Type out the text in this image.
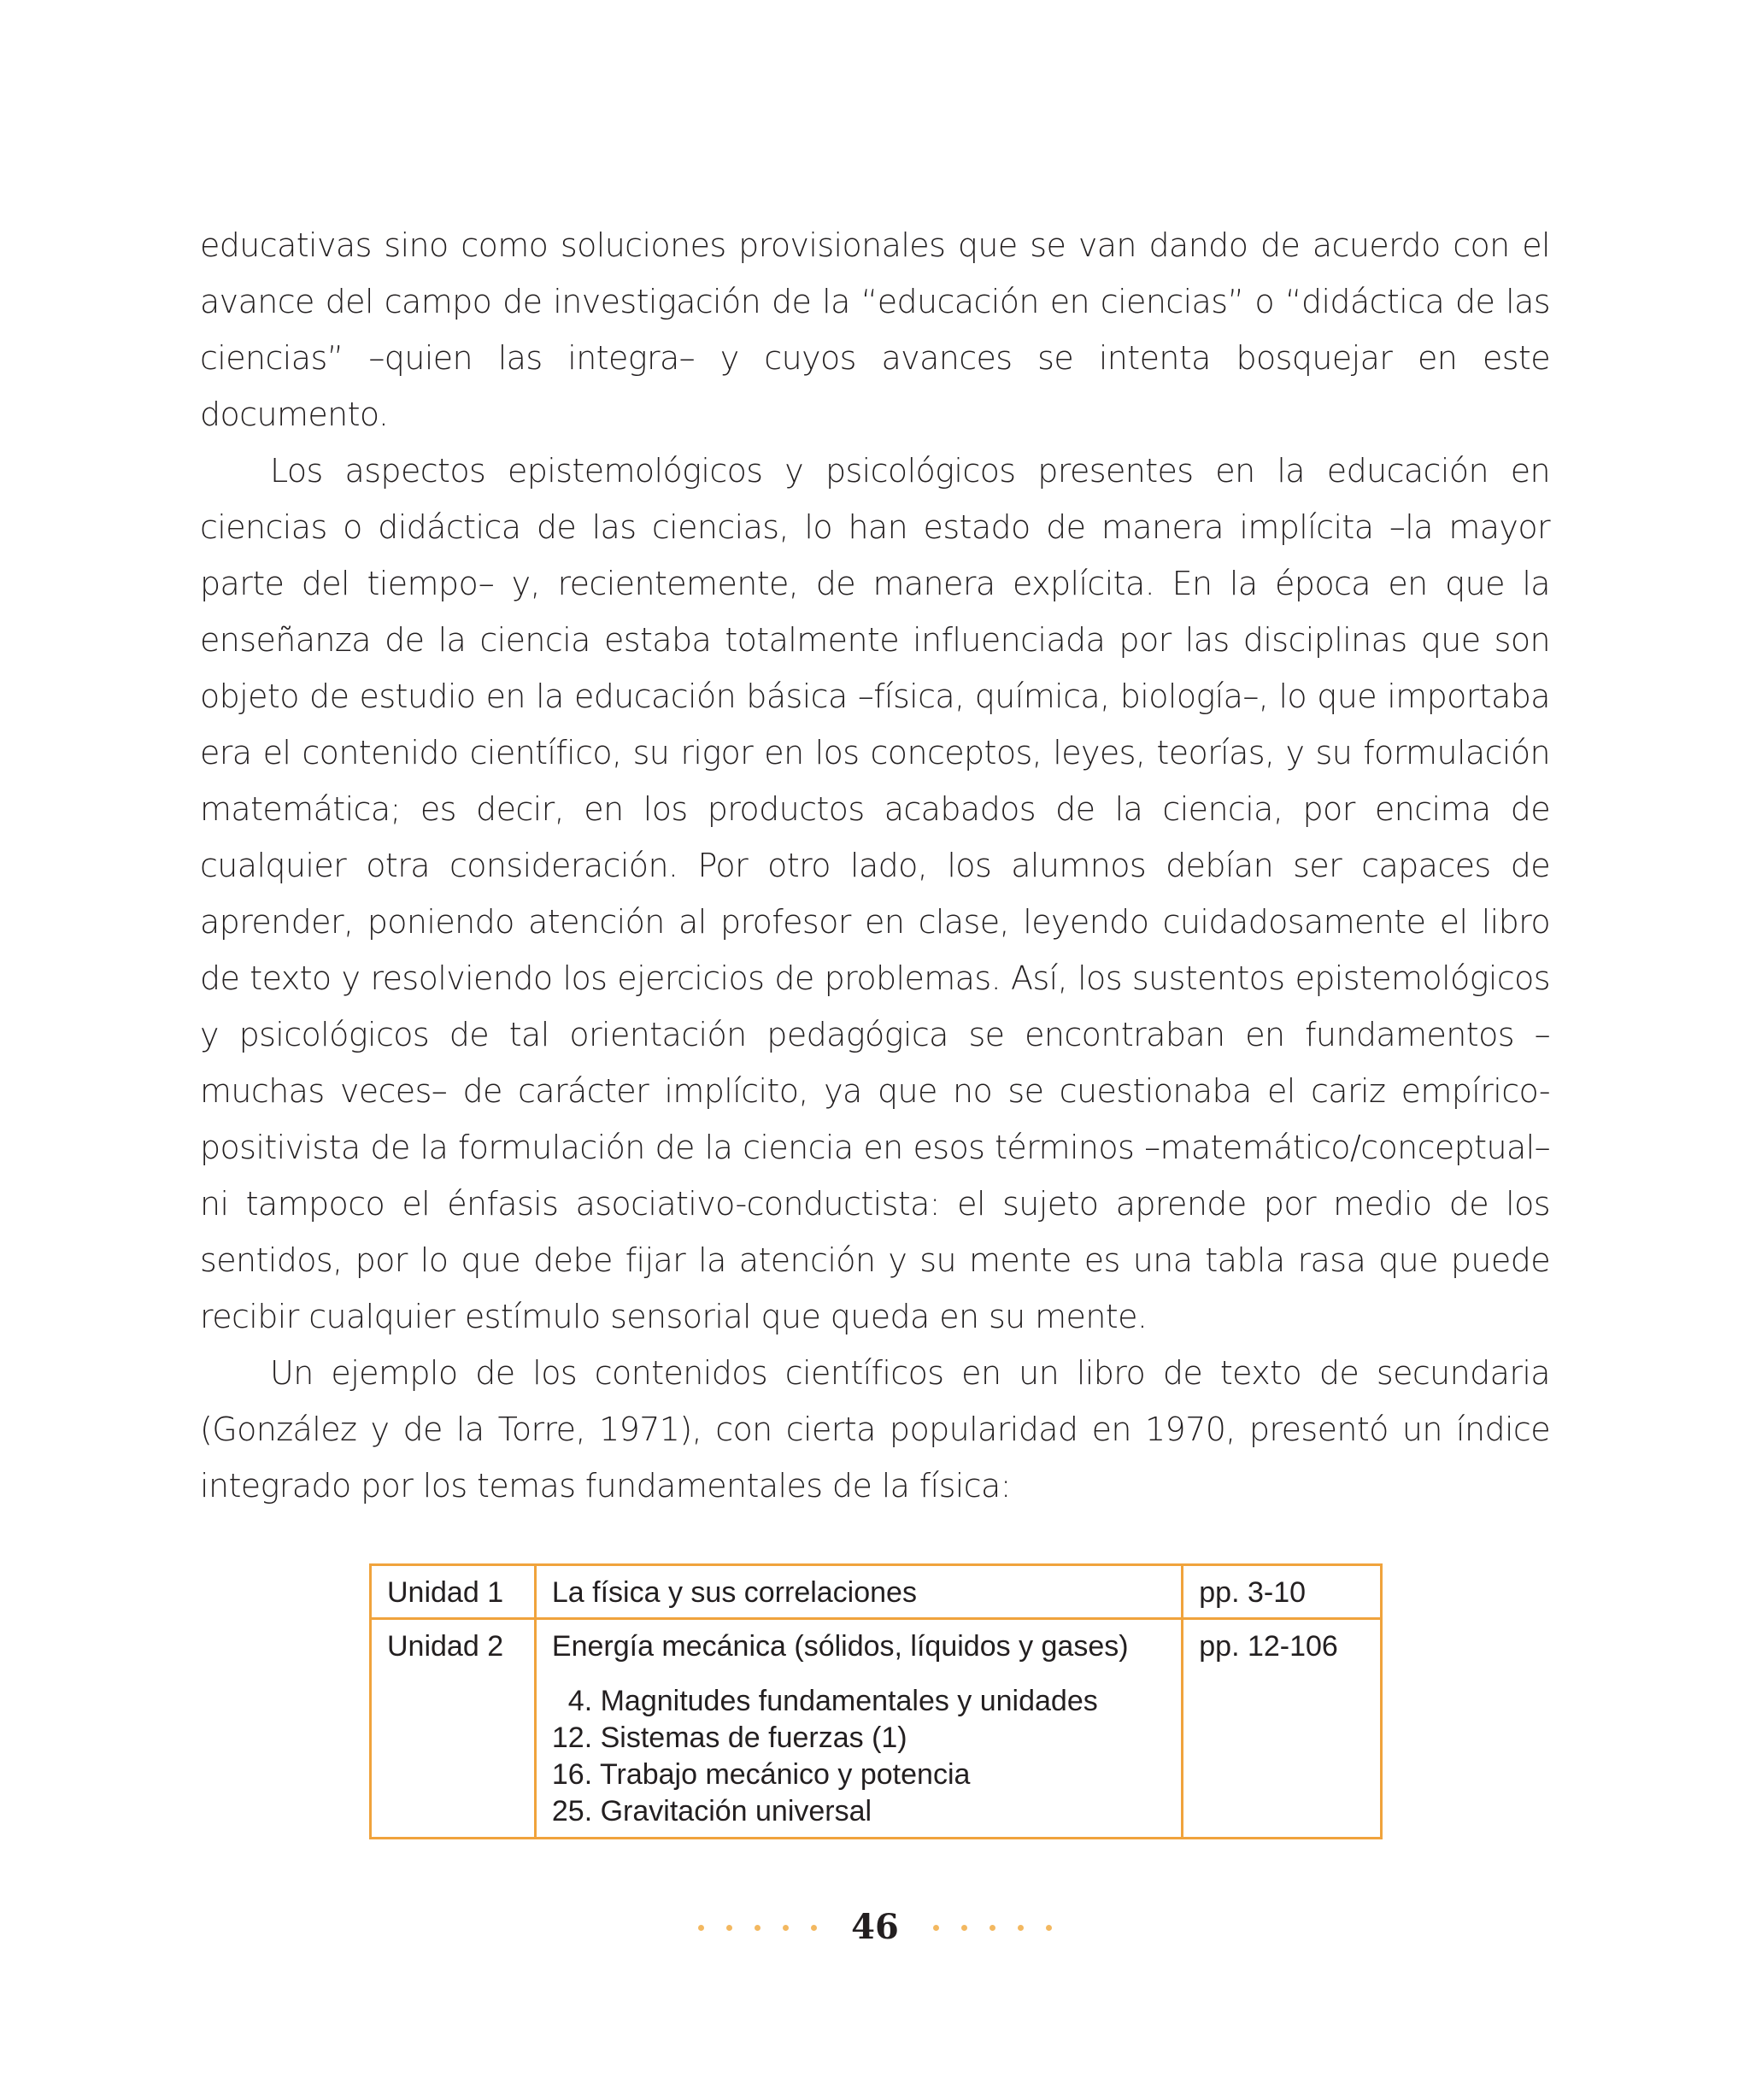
educativas sino como soluciones provisionales que se van dando de acuerdo con el avance del campo de investigación de la “educación en ciencias” o “didáctica de las ciencias” –quien las integra– y cuyos avances se intenta bosquejar en este documento.

Los aspectos epistemológicos y psicológicos presentes en la educación en ciencias o didáctica de las ciencias, lo han estado de manera implícita –la mayor parte del tiempo– y, recientemente, de manera explícita. En la época en que la enseñanza de la ciencia estaba totalmente influenciada por las disciplinas que son objeto de estudio en la educación básica –física, química, biología–, lo que importaba era el contenido científico, su rigor en los conceptos, leyes, teorías, y su formulación matemática; es decir, en los productos acabados de la ciencia, por encima de cualquier otra consideración. Por otro lado, los alumnos debían ser capaces de aprender, poniendo atención al profesor en clase, leyendo cuidadosamente el libro de texto y resolviendo los ejercicios de problemas. Así, los sustentos epistemológicos y psicológicos de tal orientación pedagógica se encontraban en fundamentos –muchas veces– de carácter implícito, ya que no se cuestionaba el cariz empírico-positivista de la formulación de la ciencia en esos términos –matemático/conceptual– ni tampoco el énfasis asociativo-conductista: el sujeto aprende por medio de los sentidos, por lo que debe fijar la atención y su mente es una tabla rasa que puede recibir cualquier estímulo sensorial que queda en su mente.

Un ejemplo de los contenidos científicos en un libro de texto de secundaria (González y de la Torre, 1971), con cierta popularidad en 1970, presentó un índice integrado por los temas fundamentales de la física:

Unidad 1	La física y sus correlaciones	pp. 3-10
Unidad 2	Energía mecánica (sólidos, líquidos y gases)
4. Magnitudes fundamentales y unidades
12. Sistemas de fuerzas (1)
16. Trabajo mecánico y potencia
25. Gravitación universal	pp. 12-106
46
